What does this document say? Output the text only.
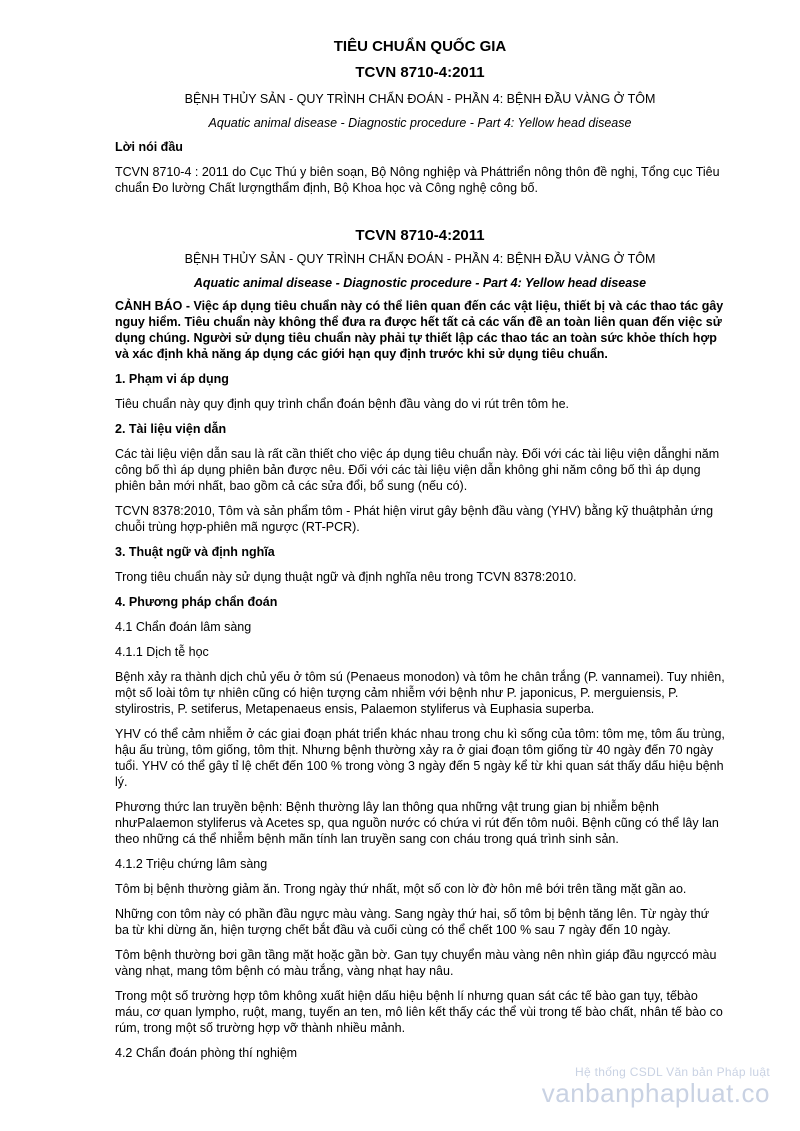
TIÊU CHUẨN QUỐC GIA
TCVN 8710-4:2011
BỆNH THỦY SẢN - QUY TRÌNH CHẨN ĐOÁN - PHẦN 4: BỆNH ĐẦU VÀNG Ở TÔM
Aquatic animal disease - Diagnostic procedure - Part 4: Yellow head disease

Lời nói đầu

TCVN 8710-4 : 2011 do Cục Thú y biên soạn, Bộ Nông nghiệp và Pháttriển nông thôn đề nghị, Tổng cục Tiêu chuẩn Đo lường Chất lượngthẩm định, Bộ Khoa học và Công nghệ công bố.

TCVN 8710-4:2011
BỆNH THỦY SẢN - QUY TRÌNH CHẨN ĐOÁN - PHẦN 4: BỆNH ĐẦU VÀNG Ở TÔM
Aquatic animal disease - Diagnostic procedure - Part 4: Yellow head disease

CẢNH BÁO - Việc áp dụng tiêu chuẩn này có thể liên quan đến các vật liệu, thiết bị và các thao tác gây nguy hiểm. Tiêu chuẩn này không thể đưa ra được hết tất cả các vấn đề an toàn liên quan đến việc sử dụng chúng. Người sử dụng tiêu chuẩn này phải tự thiết lập các thao tác an toàn sức khỏe thích hợp và xác định khả năng áp dụng các giới hạn quy định trước khi sử dụng tiêu chuẩn.

1. Phạm vi áp dụng

Tiêu chuẩn này quy định quy trình chẩn đoán bệnh đầu vàng do vi rút trên tôm he.

2. Tài liệu viện dẫn

Các tài liệu viện dẫn sau là rất cần thiết cho việc áp dụng tiêu chuẩn này. Đối với các tài liệu viện dẫnghi năm công bố thì áp dụng phiên bản được nêu. Đối với các tài liệu viện dẫn không ghi năm công bố thì áp dụng phiên bản mới nhất, bao gồm cả các sửa đổi, bổ sung (nếu có).

TCVN 8378:2010, Tôm và sản phẩm tôm - Phát hiện virut gây bệnh đầu vàng (YHV) bằng kỹ thuậtphản ứng chuỗi trùng hợp-phiên mã ngược (RT-PCR).

3. Thuật ngữ và định nghĩa

Trong tiêu chuẩn này sử dụng thuật ngữ và định nghĩa nêu trong TCVN 8378:2010.

4. Phương pháp chẩn đoán

4.1 Chẩn đoán lâm sàng

4.1.1 Dịch tễ học

Bệnh xảy ra thành dịch chủ yếu ở tôm sú (Penaeus monodon) và tôm he chân trắng (P. vannamei). Tuy nhiên, một số loài tôm tự nhiên cũng có hiện tượng cảm nhiễm với bệnh như P. japonicus, P. merguiensis, P. stylirostris, P. setiferus, Metapenaeus ensis, Palaemon styliferus và Euphasia superba.

YHV có thể cảm nhiễm ở các giai đoạn phát triển khác nhau trong chu kì sống của tôm: tôm mẹ, tôm ấu trùng, hậu ấu trùng, tôm giống, tôm thịt. Nhưng bệnh thường xảy ra ở giai đoạn tôm giống từ 40 ngày đến 70 ngày tuổi. YHV có thể gây tỉ lệ chết đến 100 % trong vòng 3 ngày đến 5 ngày kể từ khi quan sát thấy dấu hiệu bệnh lý.

Phương thức lan truyền bệnh: Bệnh thường lây lan thông qua những vật trung gian bị nhiễm bệnh nhưPalaemon styliferus và Acetes sp, qua nguồn nước có chứa vi rút đến tôm nuôi. Bệnh cũng có thể lây lan theo những cá thể nhiễm bệnh mãn tính lan truyền sang con cháu trong quá trình sinh sản.

4.1.2 Triệu chứng lâm sàng

Tôm bị bệnh thường giảm ăn. Trong ngày thứ nhất, một số con lờ đờ hôn mê bới trên tầng mặt gần ao.

Những con tôm này có phần đầu ngực màu vàng. Sang ngày thứ hai, số tôm bị bệnh tăng lên. Từ ngày thứ ba từ khi dừng ăn, hiện tượng chết bắt đầu và cuối cùng có thể chết 100 % sau 7 ngày đến 10 ngày.

Tôm bệnh thường bơi gần tầng mặt hoặc gần bờ. Gan tụy chuyển màu vàng nên nhìn giáp đầu ngựccó màu vàng nhạt, mang tôm bệnh có màu trắng, vàng nhạt hay nâu.

Trong một số trường hợp tôm không xuất hiện dấu hiệu bệnh lí nhưng quan sát các tế bào gan tụy, tếbào máu, cơ quan lympho, ruột, mang, tuyến an ten, mô liên kết thấy các thể vùi trong tế bào chất, nhân tế bào co rúm, trong một số trường hợp vỡ thành nhiều mảnh.

4.2 Chẩn đoán phòng thí nghiệm

Hệ thống CSDL Văn bản Pháp luật
vanbanphapluat.co
